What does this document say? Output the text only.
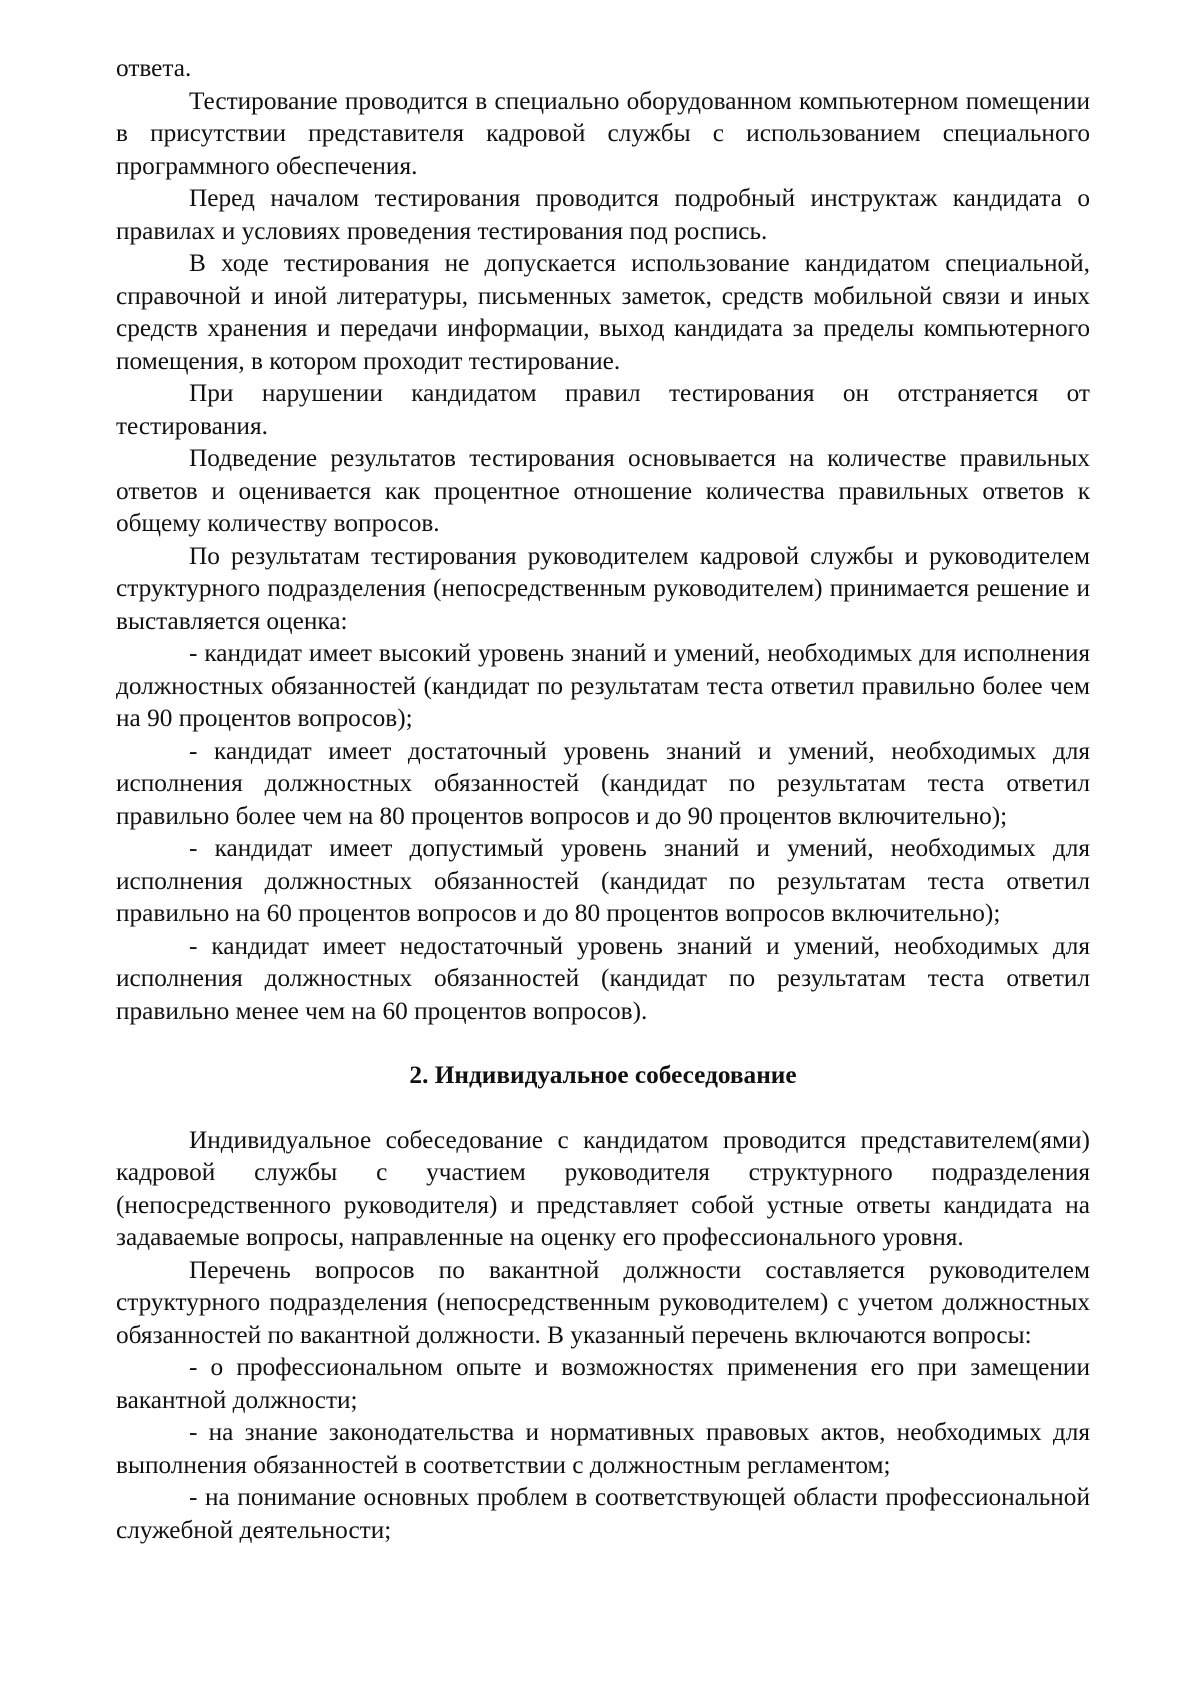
ответа.

Тестирование проводится в специально оборудованном компьютерном помещении в присутствии представителя кадровой службы с использованием специального программного обеспечения.

Перед началом тестирования проводится подробный инструктаж кандидата о правилах и условиях проведения тестирования под роспись.

В ходе тестирования не допускается использование кандидатом специальной, справочной и иной литературы, письменных заметок, средств мобильной связи и иных средств хранения и передачи информации, выход кандидата за пределы компьютерного помещения, в котором проходит тестирование.

При нарушении кандидатом правил тестирования он отстраняется от тестирования.

Подведение результатов тестирования основывается на количестве правильных ответов и оценивается как процентное отношение количества правильных ответов к общему количеству вопросов.

По результатам тестирования руководителем кадровой службы и руководителем структурного подразделения (непосредственным руководителем) принимается решение и выставляется оценка:

- кандидат имеет высокий уровень знаний и умений, необходимых для исполнения должностных обязанностей (кандидат по результатам теста ответил правильно более чем на 90 процентов вопросов);

- кандидат имеет достаточный уровень знаний и умений, необходимых для исполнения должностных обязанностей (кандидат по результатам теста ответил правильно более чем на 80 процентов вопросов и до 90 процентов включительно);

- кандидат имеет допустимый уровень знаний и умений, необходимых для исполнения должностных обязанностей (кандидат по результатам теста ответил правильно на 60 процентов вопросов и до 80 процентов вопросов включительно);

- кандидат имеет недостаточный уровень знаний и умений, необходимых для исполнения должностных обязанностей (кандидат по результатам теста ответил правильно менее чем на 60 процентов вопросов).

2. Индивидуальное собеседование

Индивидуальное собеседование с кандидатом проводится представителем(ями) кадровой службы с участием руководителя структурного подразделения (непосредственного руководителя) и представляет собой устные ответы кандидата на задаваемые вопросы, направленные на оценку его профессионального уровня.

Перечень вопросов по вакантной должности составляется руководителем структурного подразделения (непосредственным руководителем) с учетом должностных обязанностей по вакантной должности. В указанный перечень включаются вопросы:

- о профессиональном опыте и возможностях применения его при замещении вакантной должности;

- на знание законодательства и нормативных правовых актов, необходимых для выполнения обязанностей в соответствии с должностным регламентом;

- на понимание основных проблем в соответствующей области профессиональной служебной деятельности;
